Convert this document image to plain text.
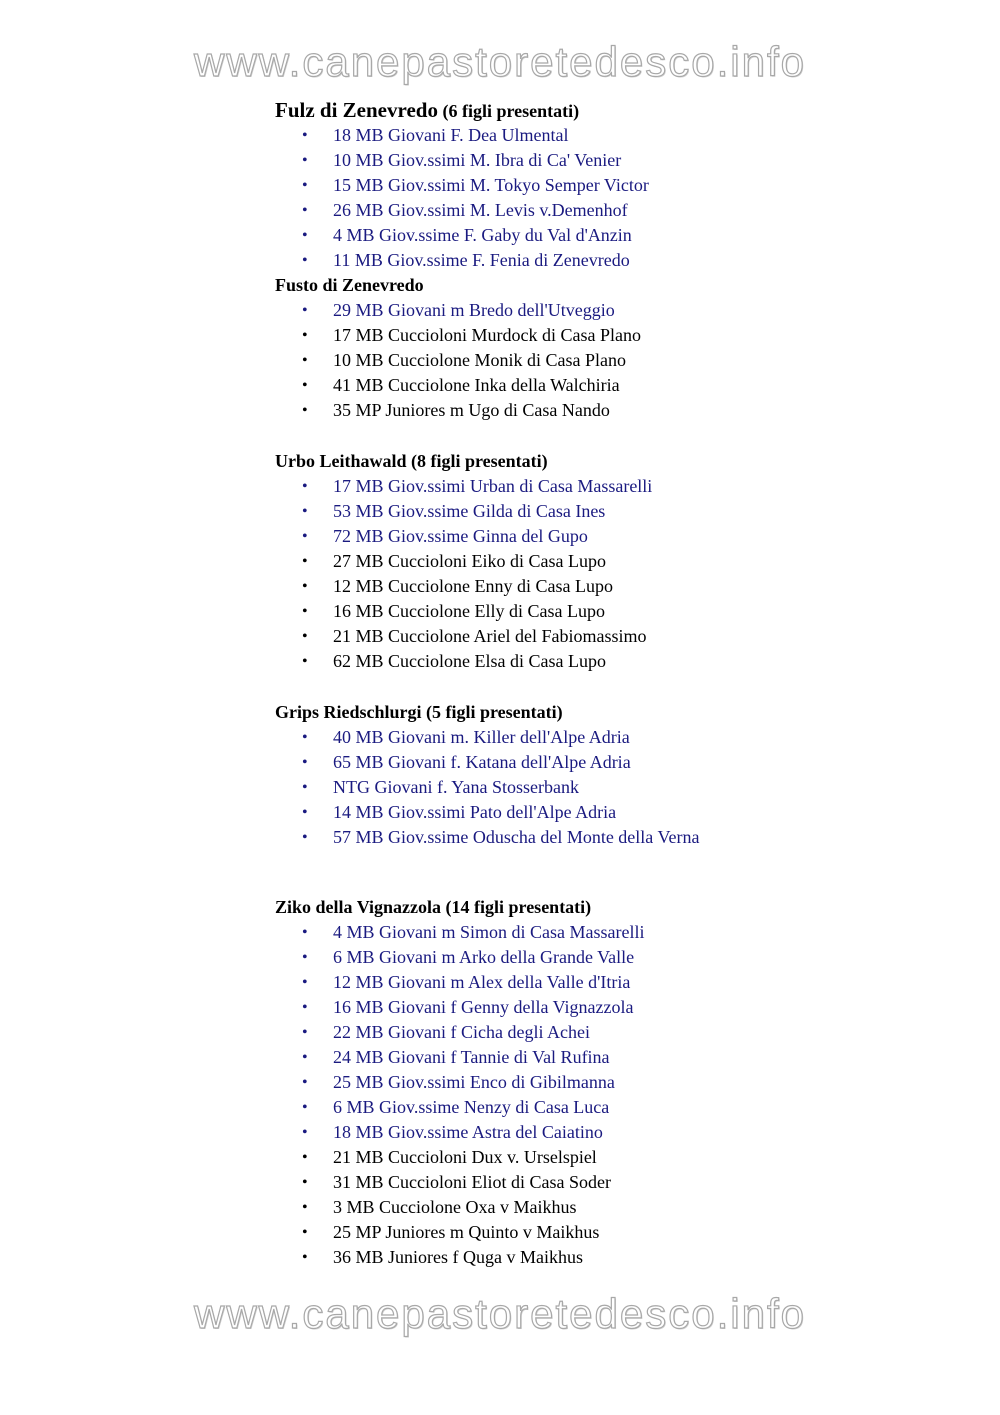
www.canepastoretedesco.info
Fulz di Zenevredo (6 figli presentati)
• 18 MB Giovani F. Dea Ulmental
• 10 MB Giov.ssimi M. Ibra di Ca' Venier
• 15 MB Giov.ssimi M. Tokyo Semper Victor
• 26 MB Giov.ssimi M. Levis v.Demenhof
• 4 MB Giov.ssime F. Gaby du Val d'Anzin
• 11 MB Giov.ssime F. Fenia di Zenevredo
Fusto di Zenevredo
• 29 MB Giovani m Bredo dell'Utveggio
• 17 MB Cuccioloni Murdock di Casa Plano
• 10 MB Cucciolone Monik di Casa Plano
• 41 MB Cucciolone Inka della Walchiria
• 35 MP Juniores m Ugo di Casa Nando
Urbo Leithawald (8 figli presentati)
• 17 MB Giov.ssimi Urban di Casa Massarelli
• 53 MB Giov.ssime Gilda di Casa Ines
• 72 MB Giov.ssime Ginna del Gupo
• 27 MB Cuccioloni Eiko di Casa Lupo
• 12 MB Cucciolone Enny di Casa Lupo
• 16 MB Cucciolone Elly di Casa Lupo
• 21 MB Cucciolone Ariel del Fabiomassimo
• 62 MB Cucciolone Elsa di Casa Lupo
Grips Riedschlurgi (5 figli presentati)
• 40 MB Giovani m. Killer dell'Alpe Adria
• 65 MB Giovani f. Katana dell'Alpe Adria
• NTG Giovani f. Yana Stosserbank
• 14 MB Giov.ssimi Pato dell'Alpe Adria
• 57 MB Giov.ssime Oduscha del Monte della Verna
Ziko della Vignazzola (14 figli presentati)
• 4 MB Giovani m Simon di Casa Massarelli
• 6 MB Giovani m Arko della Grande Valle
• 12 MB Giovani m Alex della Valle d'Itria
• 16 MB Giovani f Genny della Vignazzola
• 22 MB Giovani f Cicha degli Achei
• 24 MB Giovani f Tannie di Val Rufina
• 25 MB Giov.ssimi Enco di Gibilmanna
• 6 MB Giov.ssime Nenzy di Casa Luca
• 18 MB Giov.ssime Astra del Caiatino
• 21 MB Cuccioloni Dux v. Urselspiel
• 31 MB Cuccioloni Eliot di Casa Soder
• 3 MB Cucciolone Oxa v Maikhus
• 25 MP Juniores m Quinto v Maikhus
• 36 MB Juniores f Quga v Maikhus
www.canepastoretedesco.info
